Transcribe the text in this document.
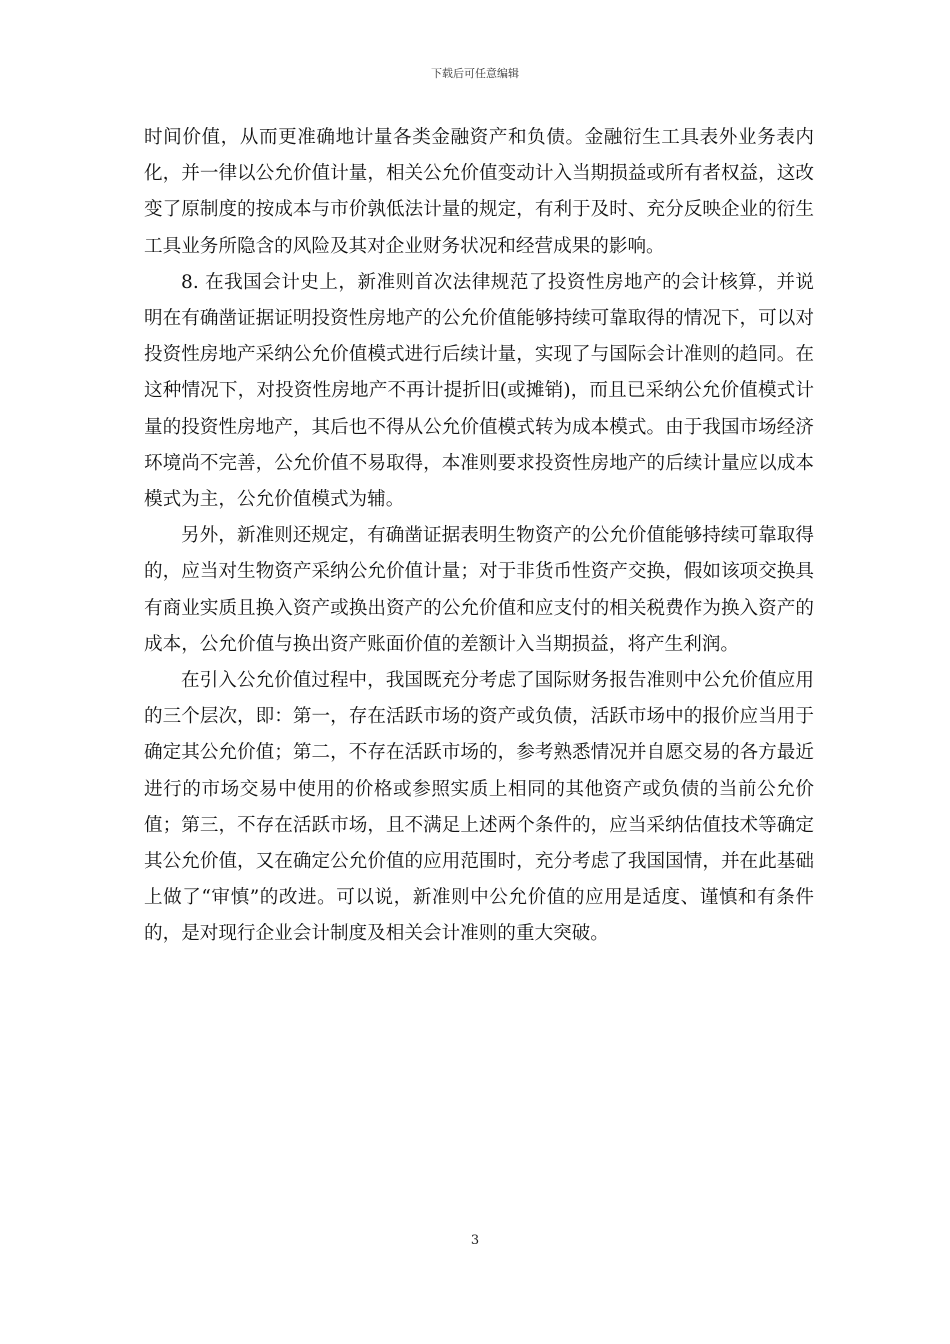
下载后可任意编辑

时间价值，从而更准确地计量各类金融资产和负债。金融衍生工具表外业务表内化，并一律以公允价值计量，相关公允价值变动计入当期损益或所有者权益，这改变了原制度的按成本与市价孰低法计量的规定，有利于及时、充分反映企业的衍生工具业务所隐含的风险及其对企业财务状况和经营成果的影响。

8. 在我国会计史上，新准则首次法律规范了投资性房地产的会计核算，并说明在有确凿证据证明投资性房地产的公允价值能够持续可靠取得的情况下，可以对投资性房地产采纳公允价值模式进行后续计量，实现了与国际会计准则的趋同。在这种情况下，对投资性房地产不再计提折旧(或摊销)，而且已采纳公允价值模式计量的投资性房地产，其后也不得从公允价值模式转为成本模式。由于我国市场经济环境尚不完善，公允价值不易取得，本准则要求投资性房地产的后续计量应以成本模式为主，公允价值模式为辅。

另外，新准则还规定，有确凿证据表明生物资产的公允价值能够持续可靠取得的，应当对生物资产采纳公允价值计量；对于非货币性资产交换，假如该项交换具有商业实质且换入资产或换出资产的公允价值和应支付的相关税费作为换入资产的成本，公允价值与换出资产账面价值的差额计入当期损益，将产生利润。

在引入公允价值过程中，我国既充分考虑了国际财务报告准则中公允价值应用的三个层次，即：第一，存在活跃市场的资产或负债，活跃市场中的报价应当用于确定其公允价值；第二，不存在活跃市场的，参考熟悉情况并自愿交易的各方最近进行的市场交易中使用的价格或参照实质上相同的其他资产或负债的当前公允价值；第三，不存在活跃市场，且不满足上述两个条件的，应当采纳估值技术等确定其公允价值，又在确定公允价值的应用范围时，充分考虑了我国国情，并在此基础上做了“审慎”的改进。可以说，新准则中公允价值的应用是适度、谨慎和有条件的，是对现行企业会计制度及相关会计准则的重大突破。

3
